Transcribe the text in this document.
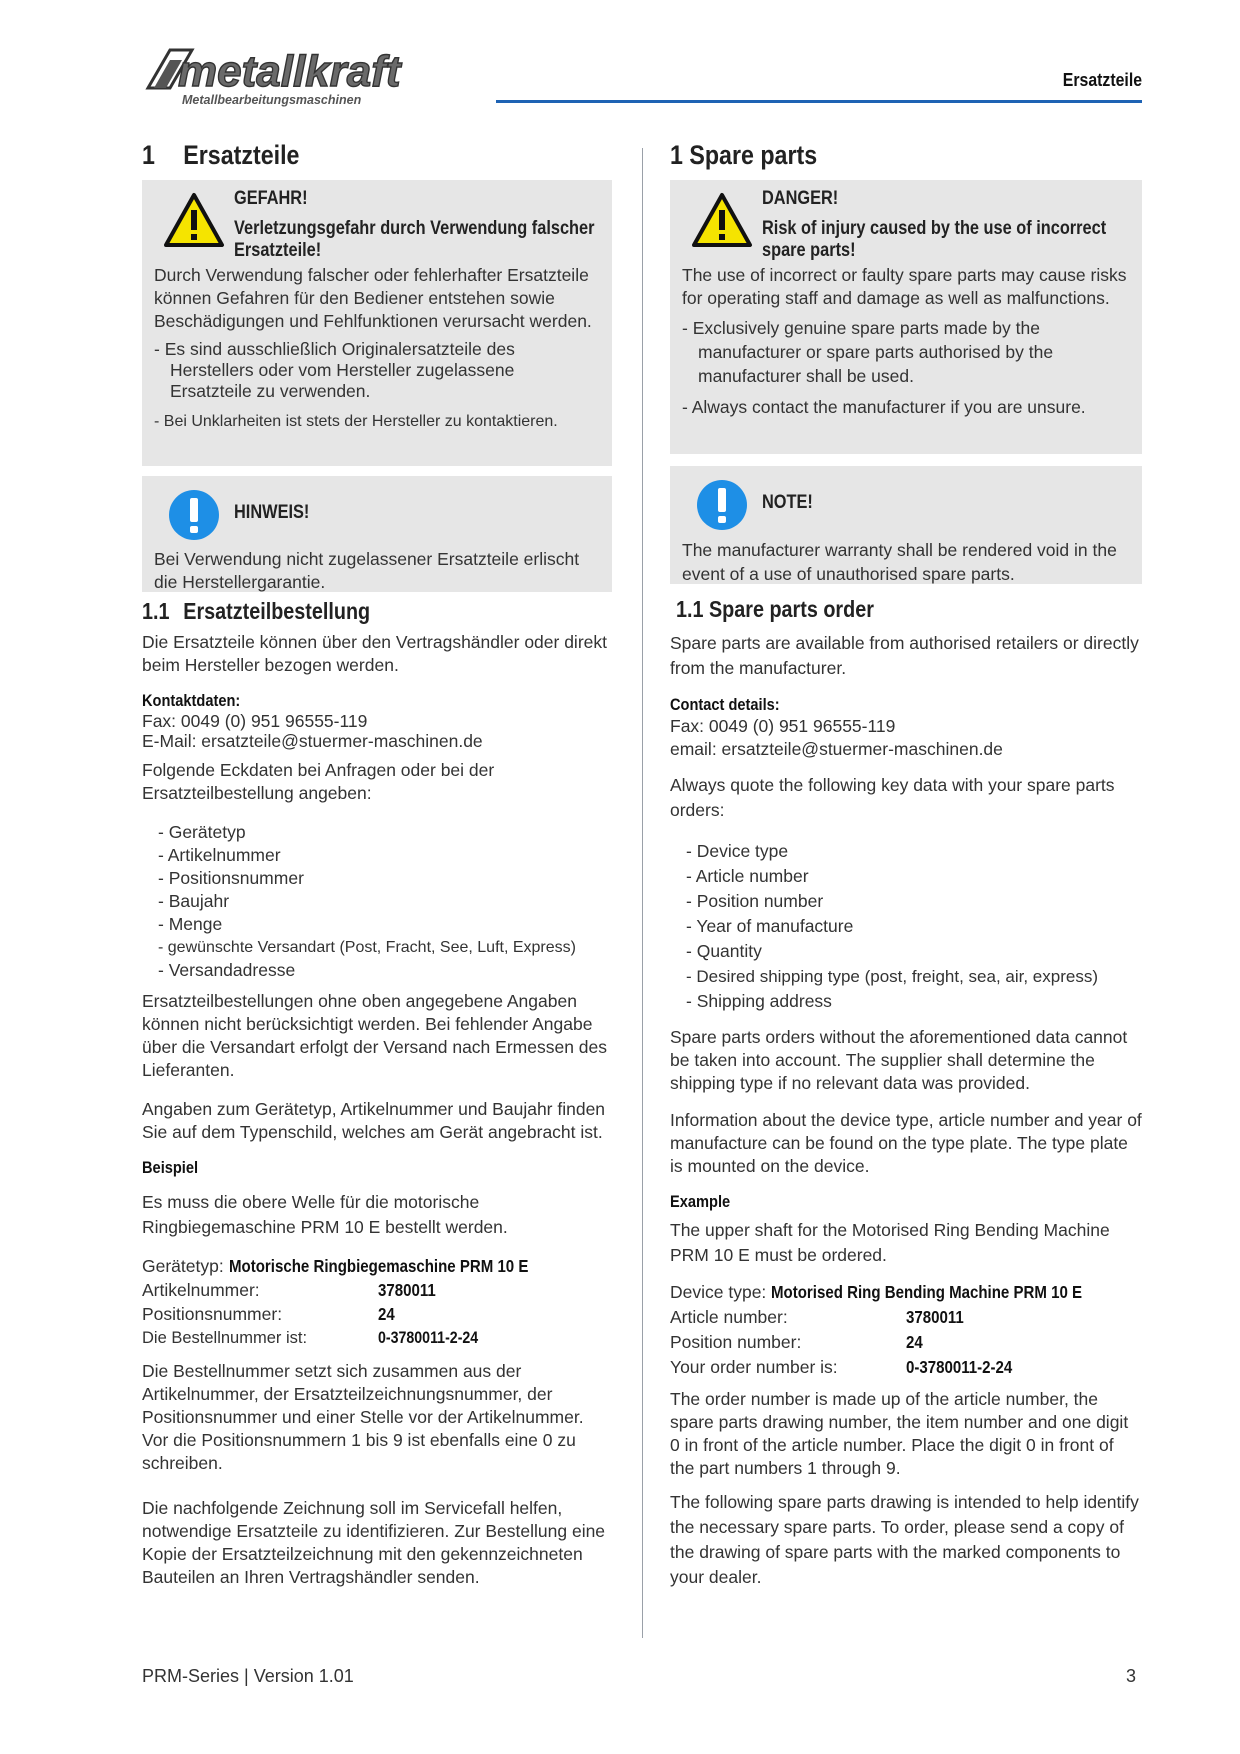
metallkraft
Metallbearbeitungsmaschinen
Ersatzteile
1 Ersatzteile
GEFAHR!
Verletzungsgefahr durch Verwendung falscher Ersatzteile!
Durch Verwendung falscher oder fehlerhafter Ersatzteile können Gefahren für den Bediener entstehen sowie Beschädigungen und Fehlfunktionen verursacht werden.
- Es sind ausschließlich Originalersatzteile des Herstellers oder vom Hersteller zugelassene Ersatzteile zu verwenden.
- Bei Unklarheiten ist stets der Hersteller zu kontaktieren.
HINWEIS!
Bei Verwendung nicht zugelassener Ersatzteile erlischt die Herstellergarantie.
1.1 Ersatzteilbestellung

Die Ersatzteile können über den Vertragshändler oder direkt beim Hersteller bezogen werden.

Kontaktdaten:

Fax: 0049 (0) 951 96555-119

E-Mail: ersatzteile@stuermer-maschinen.de

Folgende Eckdaten bei Anfragen oder bei der Ersatzteilbestellung angeben:

- Gerätetyp
- Artikelnummer
- Positionsnummer
- Baujahr
- Menge
- gewünschte Versandart (Post, Fracht, See, Luft, Express)
- Versandadresse

Ersatzteilbestellungen ohne oben angegebene Angaben können nicht berücksichtigt werden. Bei fehlender Angabe über die Versandart erfolgt der Versand nach Ermessen des Lieferanten.

Angaben zum Gerätetyp, Artikelnummer und Baujahr finden Sie auf dem Typenschild, welches am Gerät angebracht ist.

Beispiel

Es muss die obere Welle für die motorische Ringbiegemaschine PRM 10 E bestellt werden.

Gerätetyp: Motorische Ringbiegemaschine PRM 10 E
Artikelnummer:	3780011
Positionsnummer:	24
Die Bestellnummer ist:	0-3780011-2-24

Die Bestellnummer setzt sich zusammen aus der Artikelnummer, der Ersatzteilzeichnungsnummer, der Positionsnummer und einer Stelle vor der Artikelnummer. Vor die Positionsnummern 1 bis 9 ist ebenfalls eine 0 zu schreiben.

Die nachfolgende Zeichnung soll im Servicefall helfen, notwendige Ersatzteile zu identifizieren. Zur Bestellung eine Kopie der Ersatzteilzeichnung mit den gekennzeichneten Bauteilen an Ihren Vertragshändler senden.

1 Spare parts
DANGER!
Risk of injury caused by the use of incorrect spare parts!
The use of incorrect or faulty spare parts may cause risks for operating staff and damage as well as malfunctions.
- Exclusively genuine spare parts made by the manufacturer or spare parts authorised by the manufacturer shall be used.
- Always contact the manufacturer if you are unsure.
NOTE!
The manufacturer warranty shall be rendered void in the event of a use of unauthorised spare parts.
1.1 Spare parts order

Spare parts are available from authorised retailers or directly from the manufacturer.

Contact details:

Fax: 0049 (0) 951 96555-119

email: ersatzteile@stuermer-maschinen.de

Always quote the following key data with your spare parts orders:

- Device type
- Article number
- Position number
- Year of manufacture
- Quantity
- Desired shipping type (post, freight, sea, air, express)
- Shipping address

Spare parts orders without the aforementioned data cannot be taken into account. The supplier shall determine the shipping type if no relevant data was provided.

Information about the device type, article number and year of manufacture can be found on the type plate. The type plate is mounted on the device.

Example

The upper shaft for the Motorised Ring Bending Machine PRM 10 E must be ordered.

Device type: Motorised Ring Bending Machine PRM 10 E
Article number:	3780011
Position number:	24
Your order number is:	0-3780011-2-24

The order number is made up of the article number, the spare parts drawing number, the item number and one digit 0 in front of the article number. Place the digit 0 in front of the part numbers 1 through 9.

The following spare parts drawing is intended to help identify the necessary spare parts. To order, please send a copy of the drawing of spare parts with the marked components to your dealer.

PRM-Series | Version 1.01	3
